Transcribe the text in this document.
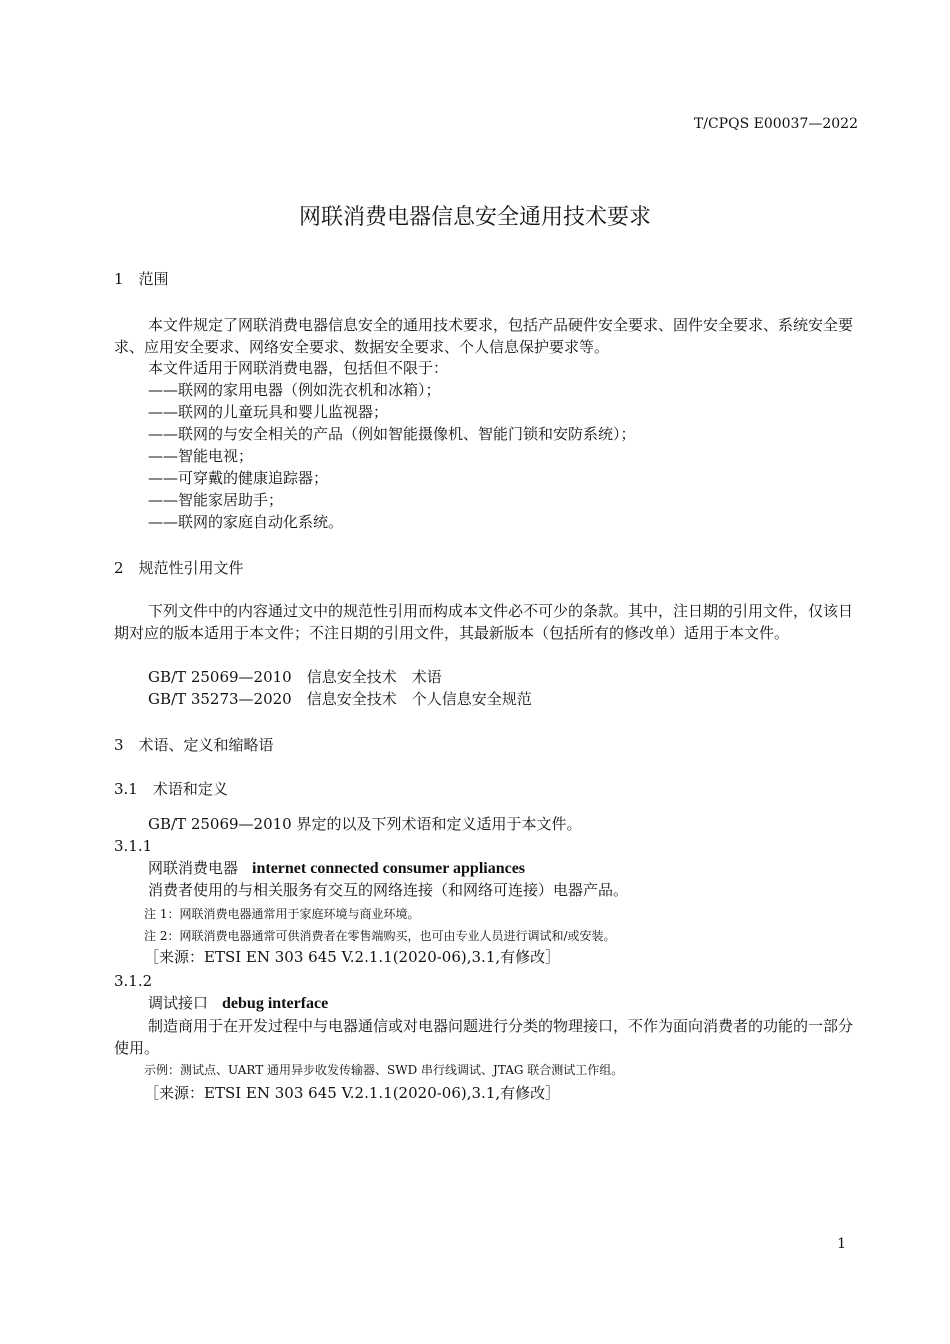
T/CPQS E00037—2022
网联消费电器信息安全通用技术要求
1　范围
本文件规定了网联消费电器信息安全的通用技术要求，包括产品硬件安全要求、固件安全要求、系统安全要求、应用安全要求、网络安全要求、数据安全要求、个人信息保护要求等。
本文件适用于网联消费电器，包括但不限于：
——联网的家用电器（例如洗衣机和冰箱）；
——联网的儿童玩具和婴儿监视器；
——联网的与安全相关的产品（例如智能摄像机、智能门锁和安防系统）；
——智能电视；
——可穿戴的健康追踪器；
——智能家居助手；
——联网的家庭自动化系统。
2　规范性引用文件
下列文件中的内容通过文中的规范性引用而构成本文件必不可少的条款。其中，注日期的引用文件，仅该日期对应的版本适用于本文件；不注日期的引用文件，其最新版本（包括所有的修改单）适用于本文件。
GB/T 25069—2010　信息安全技术　术语
GB/T 35273—2020　信息安全技术　个人信息安全规范
3　术语、定义和缩略语
3.1　术语和定义
GB/T 25069—2010 界定的以及下列术语和定义适用于本文件。
3.1.1
网联消费电器 internet connected consumer appliances
消费者使用的与相关服务有交互的网络连接（和网络可连接）电器产品。
注 1：网联消费电器通常用于家庭环境与商业环境。
注 2：网联消费电器通常可供消费者在零售端购买，也可由专业人员进行调试和/或安装。
［来源：ETSI EN 303 645 V.2.1.1(2020-06),3.1,有修改］
3.1.2
调试接口 debug interface
制造商用于在开发过程中与电器通信或对电器问题进行分类的物理接口，不作为面向消费者的功能的一部分使用。
示例：测试点、UART 通用异步收发传输器、SWD 串行线调试、JTAG 联合测试工作组。
［来源：ETSI EN 303 645 V.2.1.1(2020-06),3.1,有修改］
1
